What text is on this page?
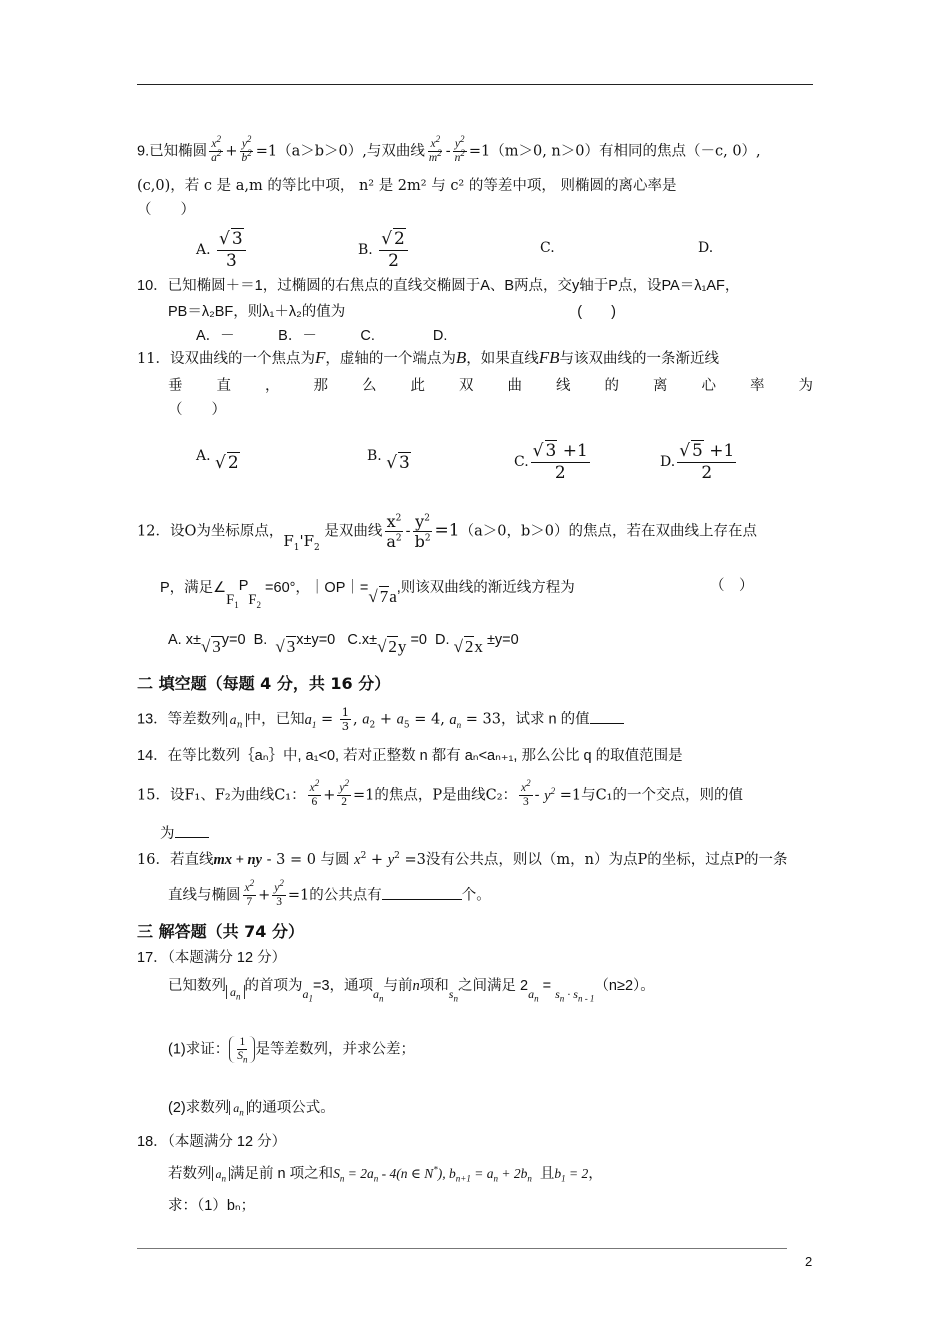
9.已知椭圆 $\frac{x^2}{a^2} + \frac{y^2}{b^2} =1(a>b>0)$,与双曲线 $\frac{x^2}{m^2} - \frac{y^2}{n^2} =1(m>0$, n＞0）有相同的焦点（－c, 0）,
(c,0)，若 c 是 a,m 的等比中项， n² 是 2m² 与 c² 的等差中项， 则椭圆的离心率是
（　　）
A. √ $\frac{3}{3}$	B. √ $\frac{2}{2}$	C.	D.
10．已知椭圆＋＝1，过椭圆的右焦点的直线交椭圆于A、B两点，交y轴于P点，设PA＝λ₁AF，
PB＝λ₂BF，则λ₁＋λ₂的值为　　　　　　　　　　　　　　　　(　　)
A．－　　　B．－　　　C.　　　　D.
11．设双曲线的一个焦点为F，虚轴的一个端点为B，如果直线FB与该双曲线的一条渐近线
垂 直 ， 那 么 此 双 曲 线 的 离 心 率 为
（　　）
A. √ 2	B. √ 3	C. √ $\frac{3 +1}{2}$	D. √ $\frac{5 +1}{2}$
12．设O为坐标原点，$F_1'F_2$ 是双曲线 $\frac{x^2}{a^2} - \frac{y^2}{b^2} =1(a>0$，b＞0）的焦点，若在双曲线上存在点
P，满足$\angle F_1PF_2 =60^\circ$，｜OP｜= √ 7a,则该双曲线的渐近线方程为	（　）
A. x± √ 3y=0 B. √ 3x±y=0 C.x± √ 2y =0 D. √ 2x ±y=0
二 填空题（每题 4 分，共 16 分）
13．等差数列 $a_n$ 中，已知$a_1 = \frac{1}{3}$ , $a_2 + a_5 = 4$, $a_n = 33$，试求 n 的值
14．在等比数列｛aₙ｝中, a₁<0, 若对正整数 n 都有 aₙ<aₙ₊₁, 那么公比 q 的取值范围是
15．设F₁、F₂为曲线C₁： $\frac{x^2}{6} + \frac{y^2}{2} =1$的焦点，P是曲线C₂： $\frac{x^2}{3} - y^2 =1$与C₁的一个交点，则的值
为
16．若直线mx + ny - 3 = 0 与圆 $x^2 + y^2 =3$没有公共点，则以（m，n）为点P的坐标，过点P的一条
直线与椭圆 $\frac{x^2}{7} + \frac{y^2}{3} =1$的公共点有	个。
三 解答题（共 74 分）
17．（本题满分 12 分）
已知数列 $_{a_n}$的首项为$_{a_1}$=3，通项$_{a_n}$与前n项和$_{s_n}$之间满足 $2_{a_n} = _{s_n \cdot s_{n - 1}}(n\ge 2)$。
(1)求证： $\frac{1}{S_n}$ 是等差数列，并求公差；
(2)求数列 $a_n$ 的通项公式。
18．（本题满分 12 分）
若数列 $a_n$ 满足前 n 项之和$S_n = 2a_n - 4(n$ ∈ N*), $b_{n+1} = a_n + 2b_n$ 且$b_1 = 2$，
求：（1）bₙ；
2
